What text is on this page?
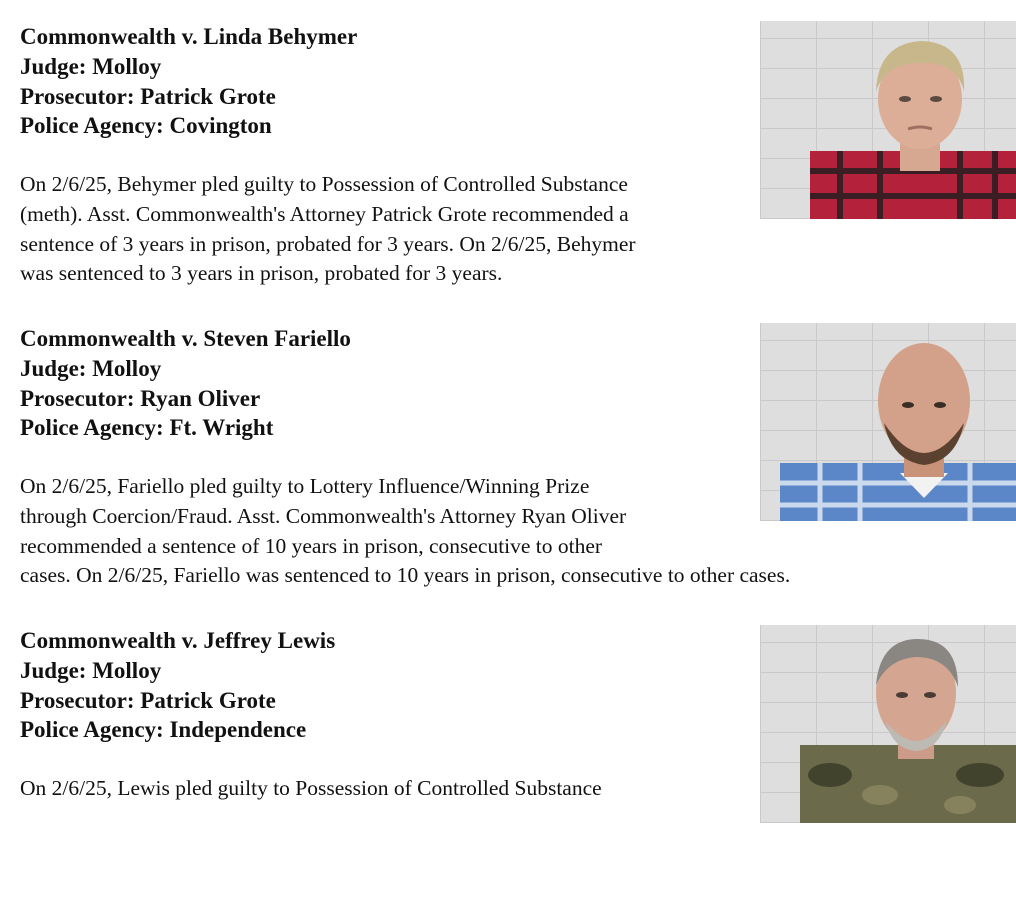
Commonwealth v. Linda Behymer
Judge: Molloy
Prosecutor: Patrick Grote
Police Agency: Covington

On 2/6/25, Behymer pled guilty to Possession of Controlled Substance
(meth). Asst. Commonwealth's Attorney Patrick Grote recommended a
sentence of 3 years in prison, probated for 3 years. On 2/6/25, Behymer
was sentenced to 3 years in prison, probated for 3 years.

Commonwealth v. Steven Fariello
Judge: Molloy
Prosecutor: Ryan Oliver
Police Agency: Ft. Wright

On 2/6/25, Fariello pled guilty to Lottery Influence/Winning Prize
through Coercion/Fraud. Asst. Commonwealth's Attorney Ryan Oliver
recommended a sentence of 10 years in prison, consecutive to other
cases. On 2/6/25, Fariello was sentenced to 10 years in prison, consecutive to other cases.

Commonwealth v. Jeffrey Lewis
Judge: Molloy
Prosecutor: Patrick Grote
Police Agency: Independence

On 2/6/25, Lewis pled guilty to Possession of Controlled Substance
